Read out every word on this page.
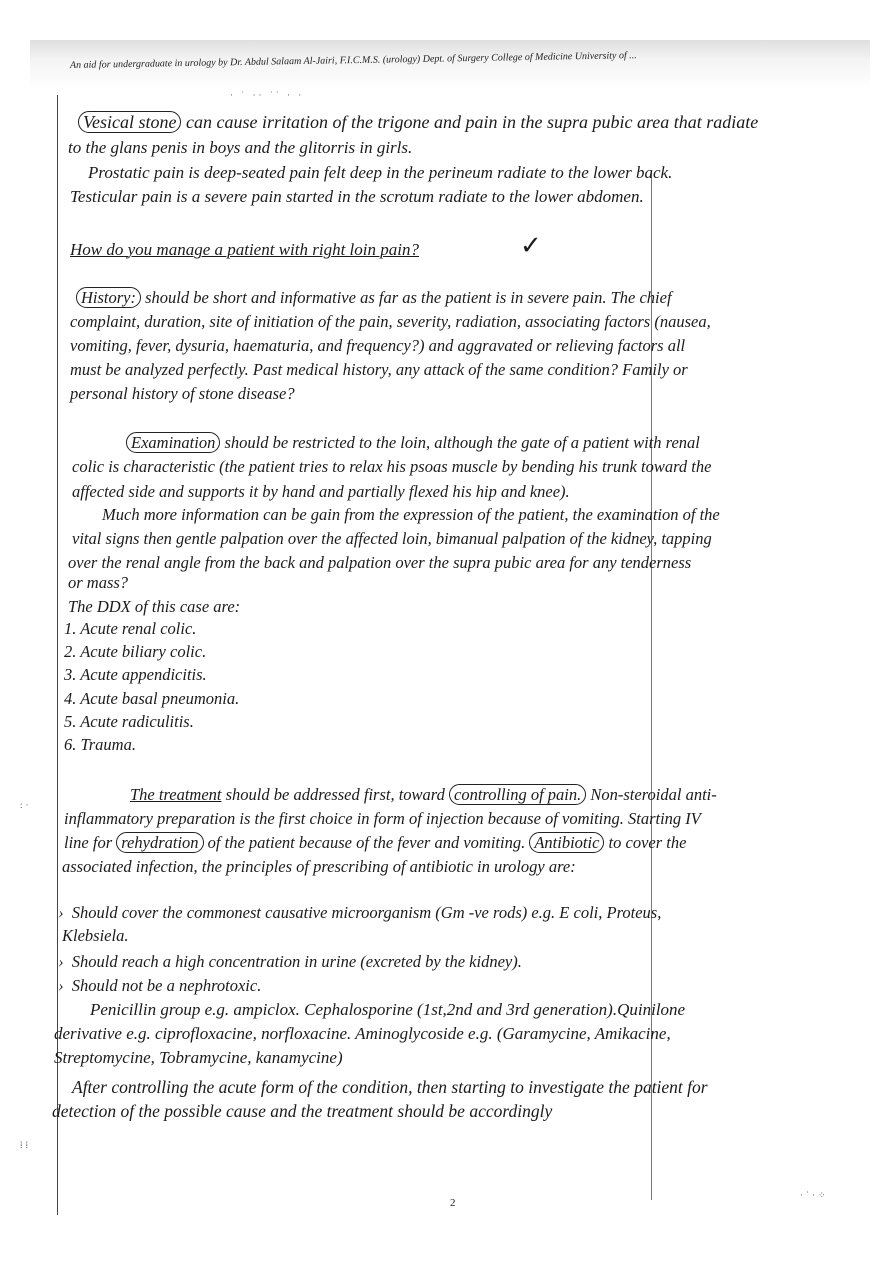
An aid for undergraduate in urology by Dr. Abdul Salaam Al-Jairi, F.I.C.M.S. (urology) Dept. of Surgery College of Medicine University of ...
Vesical stone can cause irritation of the trigone and pain in the supra pubic area that radiate
to the glans penis in boys and the glitorris in girls.
Prostatic pain is deep-seated pain felt deep in the perineum radiate to the lower back.
Testicular pain is a severe pain started in the scrotum radiate to the lower abdomen.
How do you manage a patient with right loin pain?	✓
History: should be short and informative as far as the patient is in severe pain. The chief
complaint, duration, site of initiation of the pain, severity, radiation, associating factors (nausea,
vomiting, fever, dysuria, haematuria, and frequency?) and aggravated or relieving factors all
must be analyzed perfectly. Past medical history, any attack of the same condition? Family or
personal history of stone disease?
Examination should be restricted to the loin, although the gate of a patient with renal
colic is characteristic (the patient tries to relax his psoas muscle by bending his trunk toward the
affected side and supports it by hand and partially flexed his hip and knee).
Much more information can be gain from the expression of the patient, the examination of the
vital signs then gentle palpation over the affected loin, bimanual palpation of the kidney, tapping
over the renal angle from the back and palpation over the supra pubic area for any tenderness
or mass?
The DDX of this case are:
1. Acute renal colic.
2. Acute biliary colic.
3. Acute appendicitis.
4. Acute basal pneumonia.
5. Acute radiculitis.
6. Trauma.
The treatment should be addressed first, toward controlling of pain. Non-steroidal anti-
inflammatory preparation is the first choice in form of injection because of vomiting. Starting IV
line for rehydration of the patient because of the fever and vomiting. Antibiotic to cover the
associated infection, the principles of prescribing of antibiotic in urology are:
›  Should cover the commonest causative microorganism (Gm -ve rods) e.g. E coli, Proteus,
Klebsiela.
›  Should reach a high concentration in urine (excreted by the kidney).
›  Should not be a nephrotoxic.
Penicillin group e.g. ampiclox. Cephalosporine (1st,2nd and 3rd generation).Quinilone
derivative e.g. ciprofloxacine, norfloxacine. Aminoglycoside e.g. (Garamycine, Amikacine,
Streptomycine, Tobramycine, kanamycine)
After controlling the acute form of the condition, then starting to investigate the patient for
detection of the possible cause and the treatment should be accordingly
· ˙ ·· ˙˙ · ·
:·
⁞⁞
·˙·⁘
2
